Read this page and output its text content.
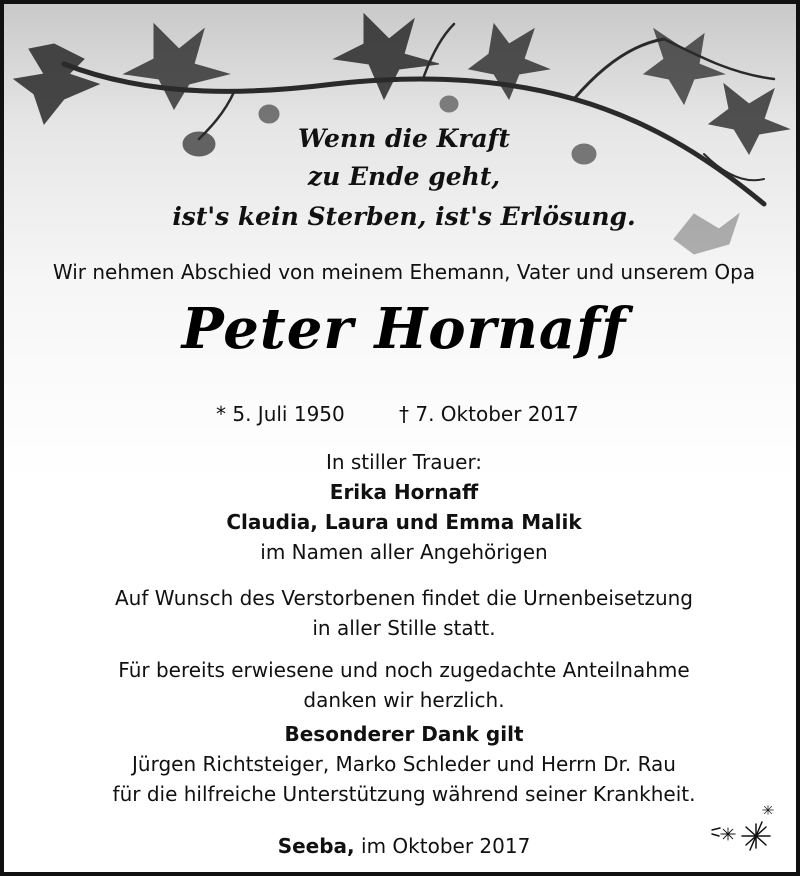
Wenn die Kraft
zu Ende geht,
ist's kein Sterben, ist's Erlösung.
Wir nehmen Abschied von meinem Ehemann, Vater und unserem Opa
Peter Hornaff
* 5. Juli 1950	† 7. Oktober 2017
In stiller Trauer:
Erika Hornaff
Claudia, Laura und Emma Malik
im Namen aller Angehörigen
Auf Wunsch des Verstorbenen findet die Urnenbeisetzung
in aller Stille statt.
Für bereits erwiesene und noch zugedachte Anteilnahme
danken wir herzlich.
Besonderer Dank gilt
Jürgen Richtsteiger, Marko Schleder und Herrn Dr. Rau
für die hilfreiche Unterstützung während seiner Krankheit.
Seeba, im Oktober 2017
